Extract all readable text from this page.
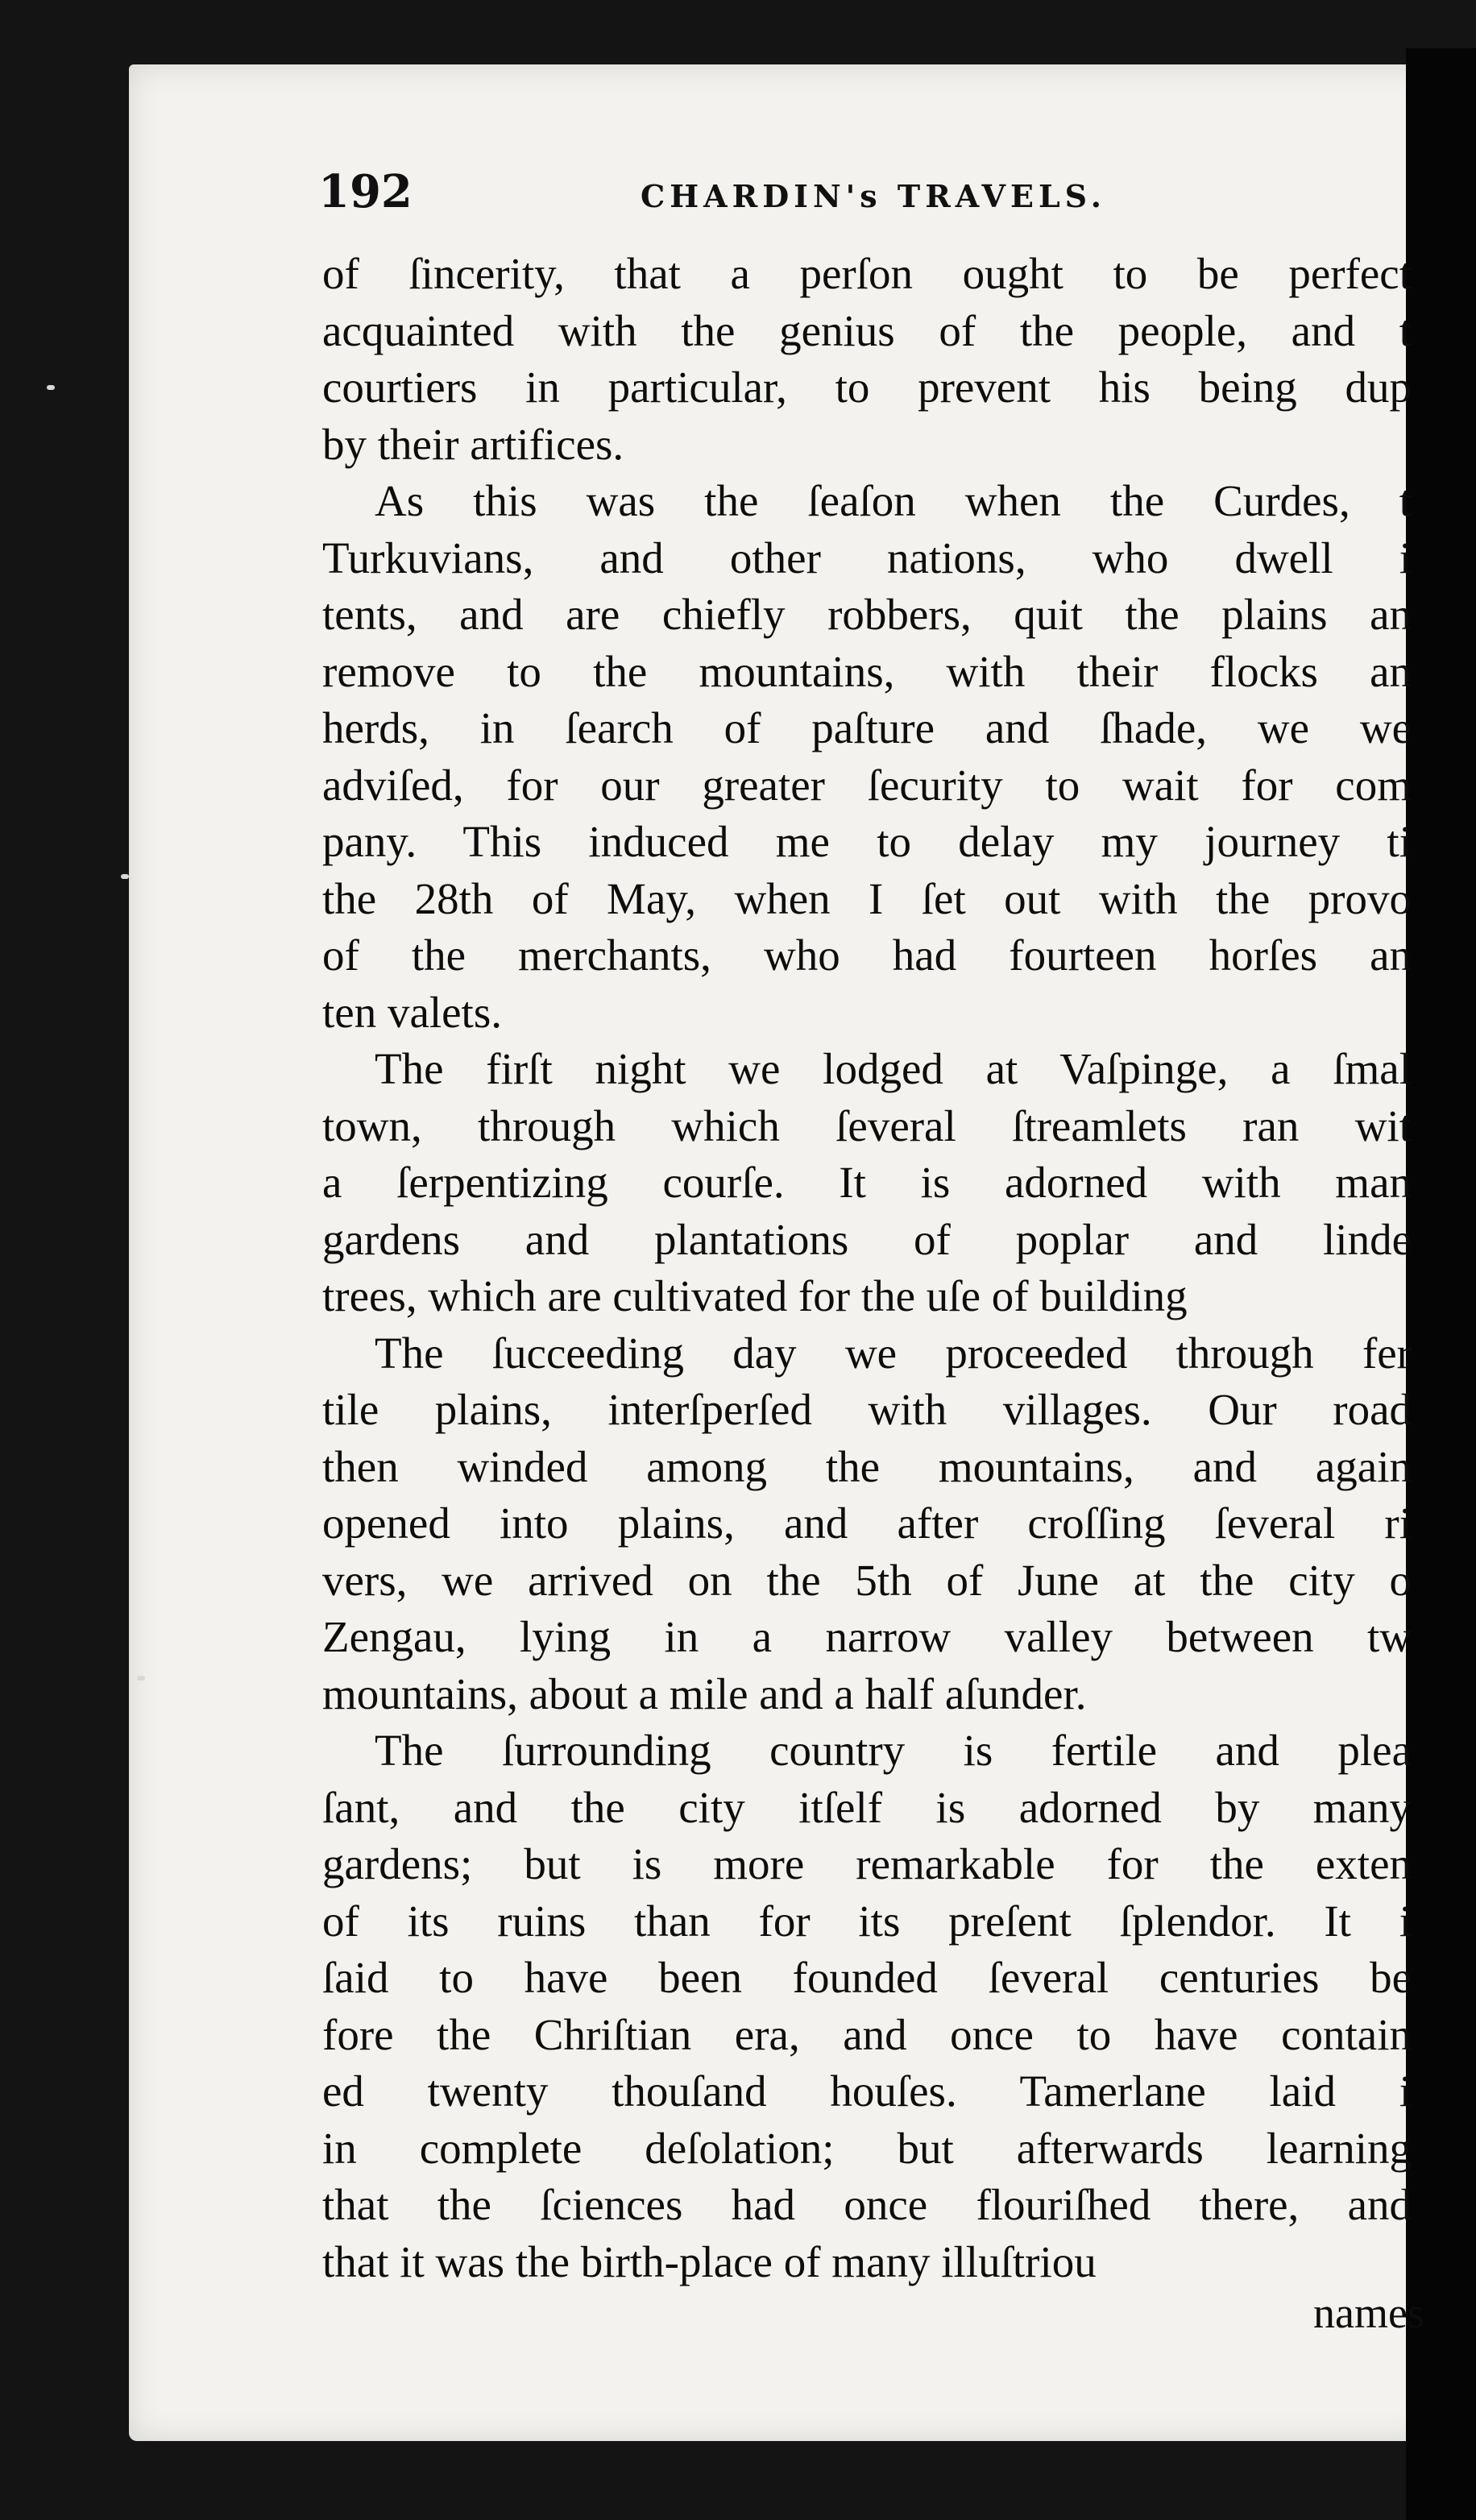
192	CHARDIN's TRAVELS.
of ſincerity, that a perſon ought to be perfect
acquainted with the genius of the people, and t
courtiers in particular, to prevent his being dup
by their artifices.
As this was the ſeaſon when the Curdes, t
Turkuvians, and other nations, who dwell i
tents, and are chiefly robbers, quit the plains an
remove to the mountains, with their flocks an
herds, in ſearch of paſture and ſhade, we we
adviſed, for our greater ſecurity to wait for com
pany. This induced me to delay my journey ti
the 28th of May, when I ſet out with the provo
of the merchants, who had fourteen horſes an
ten valets.
The firſt night we lodged at Vaſpinge, a ſmal
town, through which ſeveral ſtreamlets ran wit
a ſerpentizing courſe. It is adorned with man
gardens and plantations of poplar and linde
trees, which are cultivated for the uſe of building
The ſucceeding day we proceeded through fer
tile plains, interſperſed with villages. Our road
then winded among the mountains, and again
opened into plains, and after croſſing ſeveral ri
vers, we arrived on the 5th of June at the city o
Zengau, lying in a narrow valley between tw
mountains, about a mile and a half aſunder.
The ſurrounding country is fertile and plea
ſant, and the city itſelf is adorned by many
gardens; but is more remarkable for the exten
of its ruins than for its preſent ſplendor. It i
ſaid to have been founded ſeveral centuries be
fore the Chriſtian era, and once to have contain
ed twenty thouſand houſes. Tamerlane laid i
in complete deſolation; but afterwards learning
that the ſciences had once flouriſhed there, and
that it was the birth-place of many illuſtriou
names
